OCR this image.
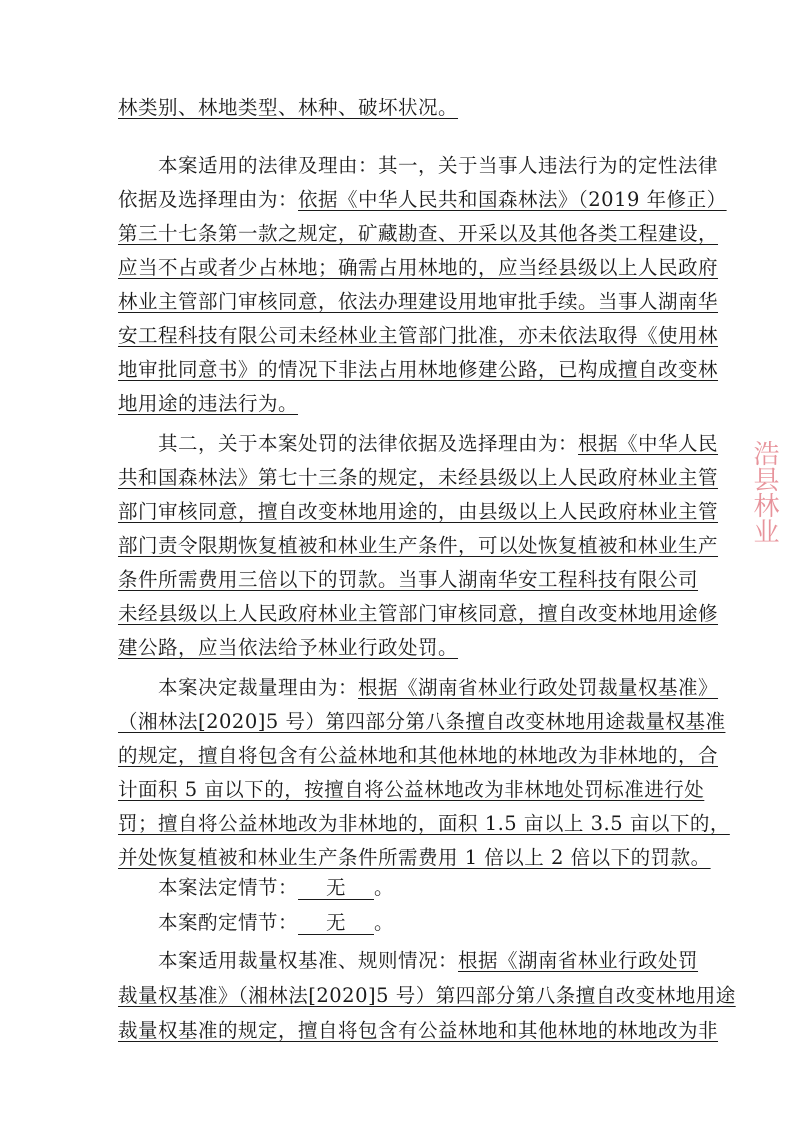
林类别、林地类型、林种、破坏状况。
本案适用的法律及理由：其一，关于当事人违法行为的定性法律
依据及选择理由为：依据《中华人民共和国森林法》（2019 年修正）
第三十七条第一款之规定，矿藏勘查、开采以及其他各类工程建设，
应当不占或者少占林地；确需占用林地的，应当经县级以上人民政府
林业主管部门审核同意，依法办理建设用地审批手续。当事人湖南华
安工程科技有限公司未经林业主管部门批准，亦未依法取得《使用林
地审批同意书》的情况下非法占用林地修建公路，已构成擅自改变林
地用途的违法行为。
其二，关于本案处罚的法律依据及选择理由为：根据《中华人民
共和国森林法》第七十三条的规定，未经县级以上人民政府林业主管
部门审核同意，擅自改变林地用途的，由县级以上人民政府林业主管
部门责令限期恢复植被和林业生产条件，可以处恢复植被和林业生产
条件所需费用三倍以下的罚款。当事人湖南华安工程科技有限公司
未经县级以上人民政府林业主管部门审核同意，擅自改变林地用途修
建公路，应当依法给予林业行政处罚。
本案决定裁量理由为：根据《湖南省林业行政处罚裁量权基准》
（湘林法[2020]5 号）第四部分第八条擅自改变林地用途裁量权基准
的规定，擅自将包含有公益林地和其他林地的林地改为非林地的，合
计面积 5 亩以下的，按擅自将公益林地改为非林地处罚标准进行处
罚；擅自将公益林地改为非林地的，面积 1.5 亩以上 3.5 亩以下的，
并处恢复植被和林业生产条件所需费用 1 倍以上 2 倍以下的罚款。
本案法定情节： 无 。
本案酌定情节： 无 。
本案适用裁量权基准、规则情况：根据《湖南省林业行政处罚
裁量权基准》（湘林法[2020]5 号）第四部分第八条擅自改变林地用途
裁量权基准的规定，擅自将包含有公益林地和其他林地的林地改为非
浩县林业
